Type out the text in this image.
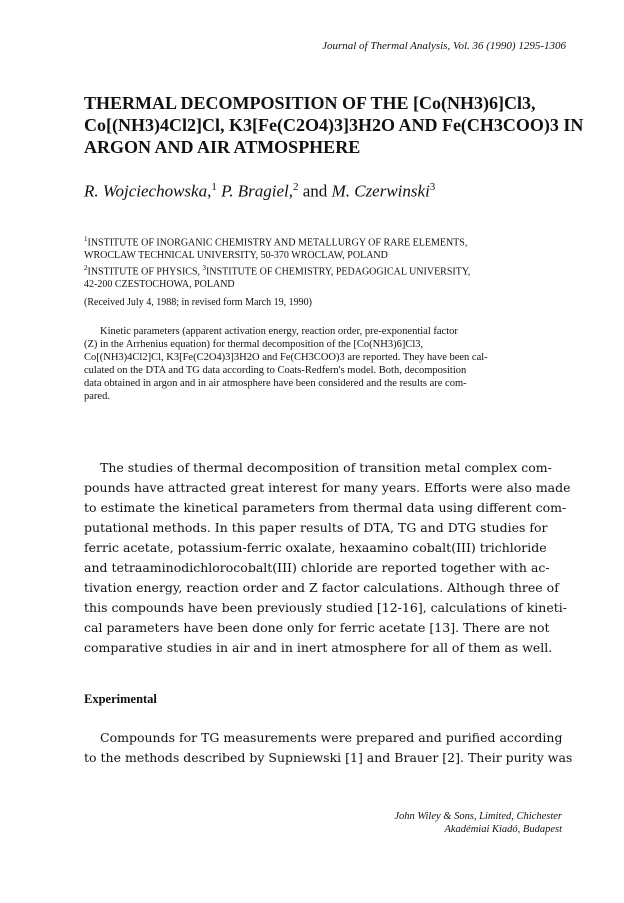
Journal of Thermal Analysis, Vol. 36 (1990) 1295-1306
THERMAL DECOMPOSITION OF THE [Co(NH3)6]Cl3,
Co[(NH3)4Cl2]Cl, K3[Fe(C2O4)3]3H2O AND Fe(CH3COO)3 IN
ARGON AND AIR ATMOSPHERE
R. Wojciechowska,$^1$ P. Bragiel,$^2$ and M. Czerwinski$^3$
$^1$INSTITUTE OF INORGANIC CHEMISTRY AND METALLURGY OF RARE ELEMENTS,
WROCLAW TECHNICAL UNIVERSITY, 50-370 WROCLAW, POLAND
$^2$INSTITUTE OF PHYSICS, $^3$INSTITUTE OF CHEMISTRY, PEDAGOGICAL UNIVERSITY,
42-200 CZESTOCHOWA, POLAND
(Received July 4, 1988; in revised form March 19, 1990)
Kinetic parameters (apparent activation energy, reaction order, pre-exponential factor
(Z) in the Arrhenius equation) for thermal decomposition of the [Co(NH3)6]Cl3,
Co[(NH3)4Cl2]Cl, K3[Fe(C2O4)3]3H2O and Fe(CH3COO)3 are reported. They have been cal-
culated on the DTA and TG data according to Coats-Redfern's model. Both, decomposition
data obtained in argon and in air atmosphere have been considered and the results are com-
pared.
The studies of thermal decomposition of transition metal complex com-
pounds have attracted great interest for many years. Efforts were also made
to estimate the kinetical parameters from thermal data using different com-
putational methods. In this paper results of DTA, TG and DTG studies for
ferric acetate, potassium-ferric oxalate, hexaamino cobalt(III) trichloride
and tetraaminodichlorocobalt(III) chloride are reported together with ac-
tivation energy, reaction order and Z factor calculations. Although three of
this compounds have been previously studied [12-16], calculations of kineti-
cal parameters have been done only for ferric acetate [13]. There are not
comparative studies in air and in inert atmosphere for all of them as well.
Experimental
Compounds for TG measurements were prepared and purified according
to the methods described by Supniewski [1] and Brauer [2]. Their purity was
John Wiley & Sons, Limited, Chichester
Akadémiai Kiadó, Budapest
